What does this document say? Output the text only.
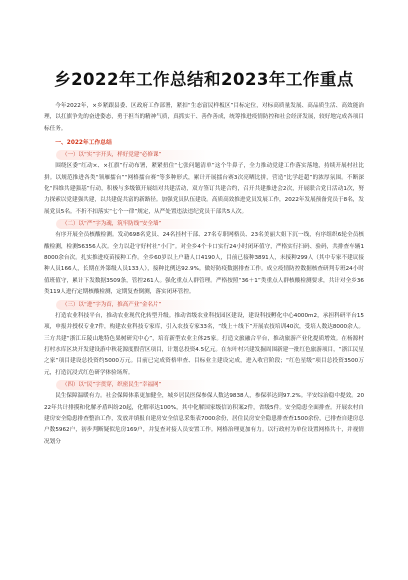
乡2022年工作总结和2023年工作重点

今年2022年，×乡紧跟县委、区政府工作部署，紧扣“生态富民样板区”目标定位，对标高质量发展、高品质生活、高效能治理，以扛旗争先的奋进姿态，勇于担当的精神气质，真抓实干、善作善成，统筹推进疫情防控和社会经济发展，较好地完成各项目标任务。

一、2022年工作总结
（一）以“实”字开头，样好党建“必修课”

围绕区委“红动×、×扛旗”行动布署，紧紧扭住“七张问题清单”这个牛鼻子，全力推动党建工作落实落地，持续开展村社比拼。以规范推进各类“领雁擂台”“网格擂台赛”等多种形式，累计开展擂台赛3次亮晒比拼，营造“比学赶超”的浓厚氛围。不断深化“四维共建强基”行动，积极与多级镇开展结对共建活动，双方签订共建合约，召开共建推进会2次，开展联合党日活动1次，努力探索以党建强共建，以共建促共富的新路径。加强党员队伍建设。高质高效推进党员发展工作，2022年发展预备党员于8名，发展党员5名。不折不扣落实“七个一律”规定，从严处置违法违纪党员干部共5人次。

（二）以“严”字为魂，筑牢防线“安全墙”

有序开展全员核酸检测。发动698名党员、24名挂村干部、27名专职网格员、23名美丽大姐下沉一线，有序组织6轮全员核酸检测，检测56356人次。全力以赴守好村社“小门”。对全乡4个卡口实行24小时闭环值守，严格实行扫码、验码，共排查车辆18000余台次。扎实推进疫苗接种工作。全乡60岁以上户籍人口4190人，目前已接种3891人，未接种299人（其中专家不建议接种人员166人，长期在外第级人员133人），接种比例达92.9%。做好防疫数据排查工作。成立疫情防控数据核查研判专班24小时值班值守，累计下发数据3509条，管控261人。强化重点人群管理。严格按照“36＋1”类重点人群核酸检测要求，共计对全乡36类119人进行定期核酸检测，定期复查倒测，落实闭环管控。

（三）以“进”字为首，推高产业“金名片”

打造农业科技平台，推动农业现代化转型升级。推动省级农业科技园区建设，建设科技孵化中心4000m2，承担科研平台15项，申报并授权专业7件，构建农业科技专家库，引入农技专家33名，“线上＋线下”开展农技培训40次，受培人数达8000余人。三方共建“浙江丘陵山地特色果树研究中心”，培育新型农业主体25家。打造文旅融合平台，推动旅游产业化提质增效。在杨源村打村水库区块开发建设游中秋花源度假营区项目，计划总投资4.5亿元。在东叶村兴建发掘周围新建一批红色旅游项目，“浙江民星之家”项目建设总投资约5000万元。目前已完成资格审查、目标业主建设完成，进入收官阶段；“红色星级”项目总投资3500万元，打造沉浸式红色研学体验场所。

（四）以“民”字贯穿，织密民生“幸福网”

民生保障温暖有力。社会保障体系更加健全，城乡居民医保参保人数达9838人，参保率达到97.2%。平安综治稳中提效。2022年共计排摸和化解矛盾纠纷20起，化解率达100%，其中化解国家级信访积案2件，省级5件。安全隐患全面排查。开展农村自建房安全隐患排查整治工作，发放并填报自建房安全信息采集表7000余份，居住民房安全隐患排查查1500余份，已排查自建房总户数5962户，初步判断疑似危房169户，并复查对接人员安置工作。网格治理更加有力。以行政村为单位设置网格共十，并视情况划分
